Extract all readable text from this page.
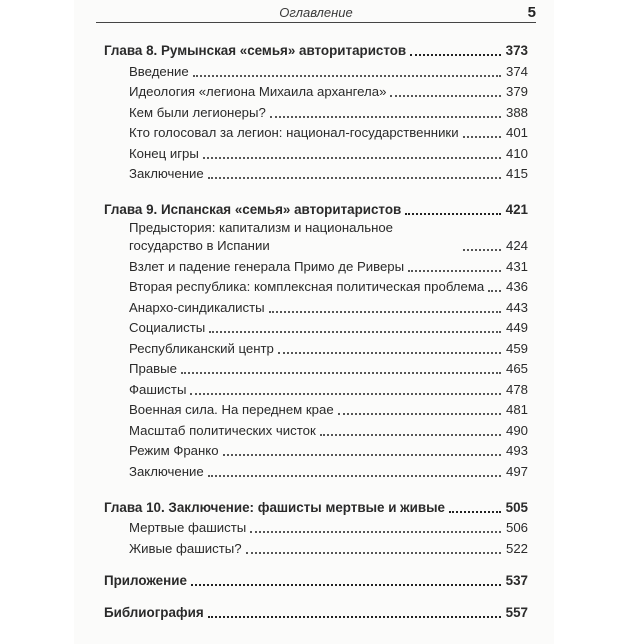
Оглавление	5
Глава 8. Румынская «семья» авторитаристов	373
Введение	374
Идеология «легиона Михаила архангела»	379
Кем были легионеры?	388
Кто голосовал за легион: национал-государственники	401
Конец игры	410
Заключение	415
Глава 9. Испанская «семья» авторитаристов	421
Предыстория: капитализм и национальное государство в Испании	424
Взлет и падение генерала Примо де Риверы	431
Вторая республика: комплексная политическая проблема 436
Анархо-синдикалисты	443
Социалисты	449
Республиканский центр	459
Правые	465
Фашисты	478
Военная сила. На переднем крае	481
Масштаб политических чисток	490
Режим Франко	493
Заключение	497
Глава 10. Заключение: фашисты мертвые и живые	505
Мертвые фашисты	506
Живые фашисты?	522
Приложение	537
Библиография	557
